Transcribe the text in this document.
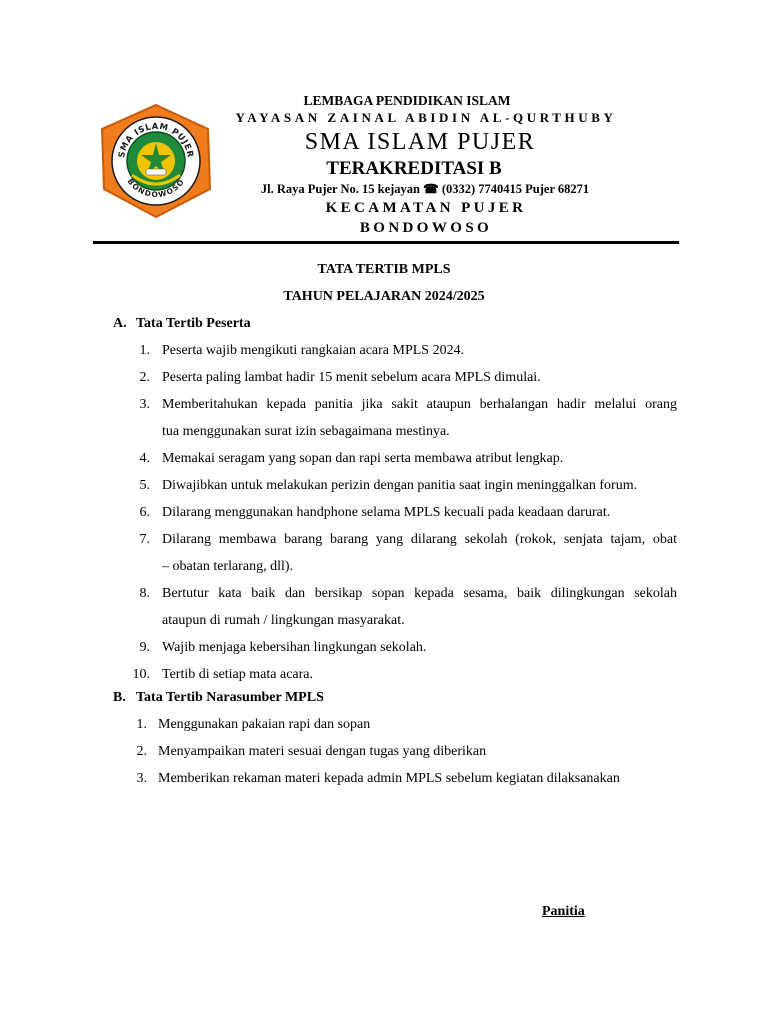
SMA ISLAM PUJER
BONDOWOSO
LEMBAGA PENDIDIKAN ISLAM
YAYASAN ZAINAL ABIDIN AL-QURTHUBY
SMA ISLAM PUJER
TERAKREDITASI B
Jl. Raya Pujer No. 15 kejayan ☎ (0332) 7740415 Pujer 68271
KECAMATAN PUJER
BONDOWOSO
TATA TERTIB MPLS
TAHUN PELAJARAN 2024/2025
A. Tata Tertib Peserta
1. Peserta wajib mengikuti rangkaian acara MPLS 2024.
2. Peserta paling lambat hadir 15 menit sebelum acara MPLS dimulai.
3. Memberitahukan kepada panitia jika sakit ataupun berhalangan hadir melalui orang
tua menggunakan surat izin sebagaimana mestinya.
4. Memakai seragam yang sopan dan rapi serta membawa atribut lengkap.
5. Diwajibkan untuk melakukan perizin dengan panitia saat ingin meninggalkan forum.
6. Dilarang menggunakan handphone selama MPLS kecuali pada keadaan darurat.
7. Dilarang membawa barang barang yang dilarang sekolah (rokok, senjata tajam, obat
– obatan terlarang, dll).
8. Bertutur kata baik dan bersikap sopan kepada sesama, baik dilingkungan sekolah
ataupun di rumah / lingkungan masyarakat.
9. Wajib menjaga kebersihan lingkungan sekolah.
10. Tertib di setiap mata acara.
B. Tata Tertib Narasumber MPLS
1. Menggunakan pakaian rapi dan sopan
2. Menyampaikan materi sesuai dengan tugas yang diberikan
3. Memberikan rekaman materi kepada admin MPLS sebelum kegiatan dilaksanakan
Panitia
